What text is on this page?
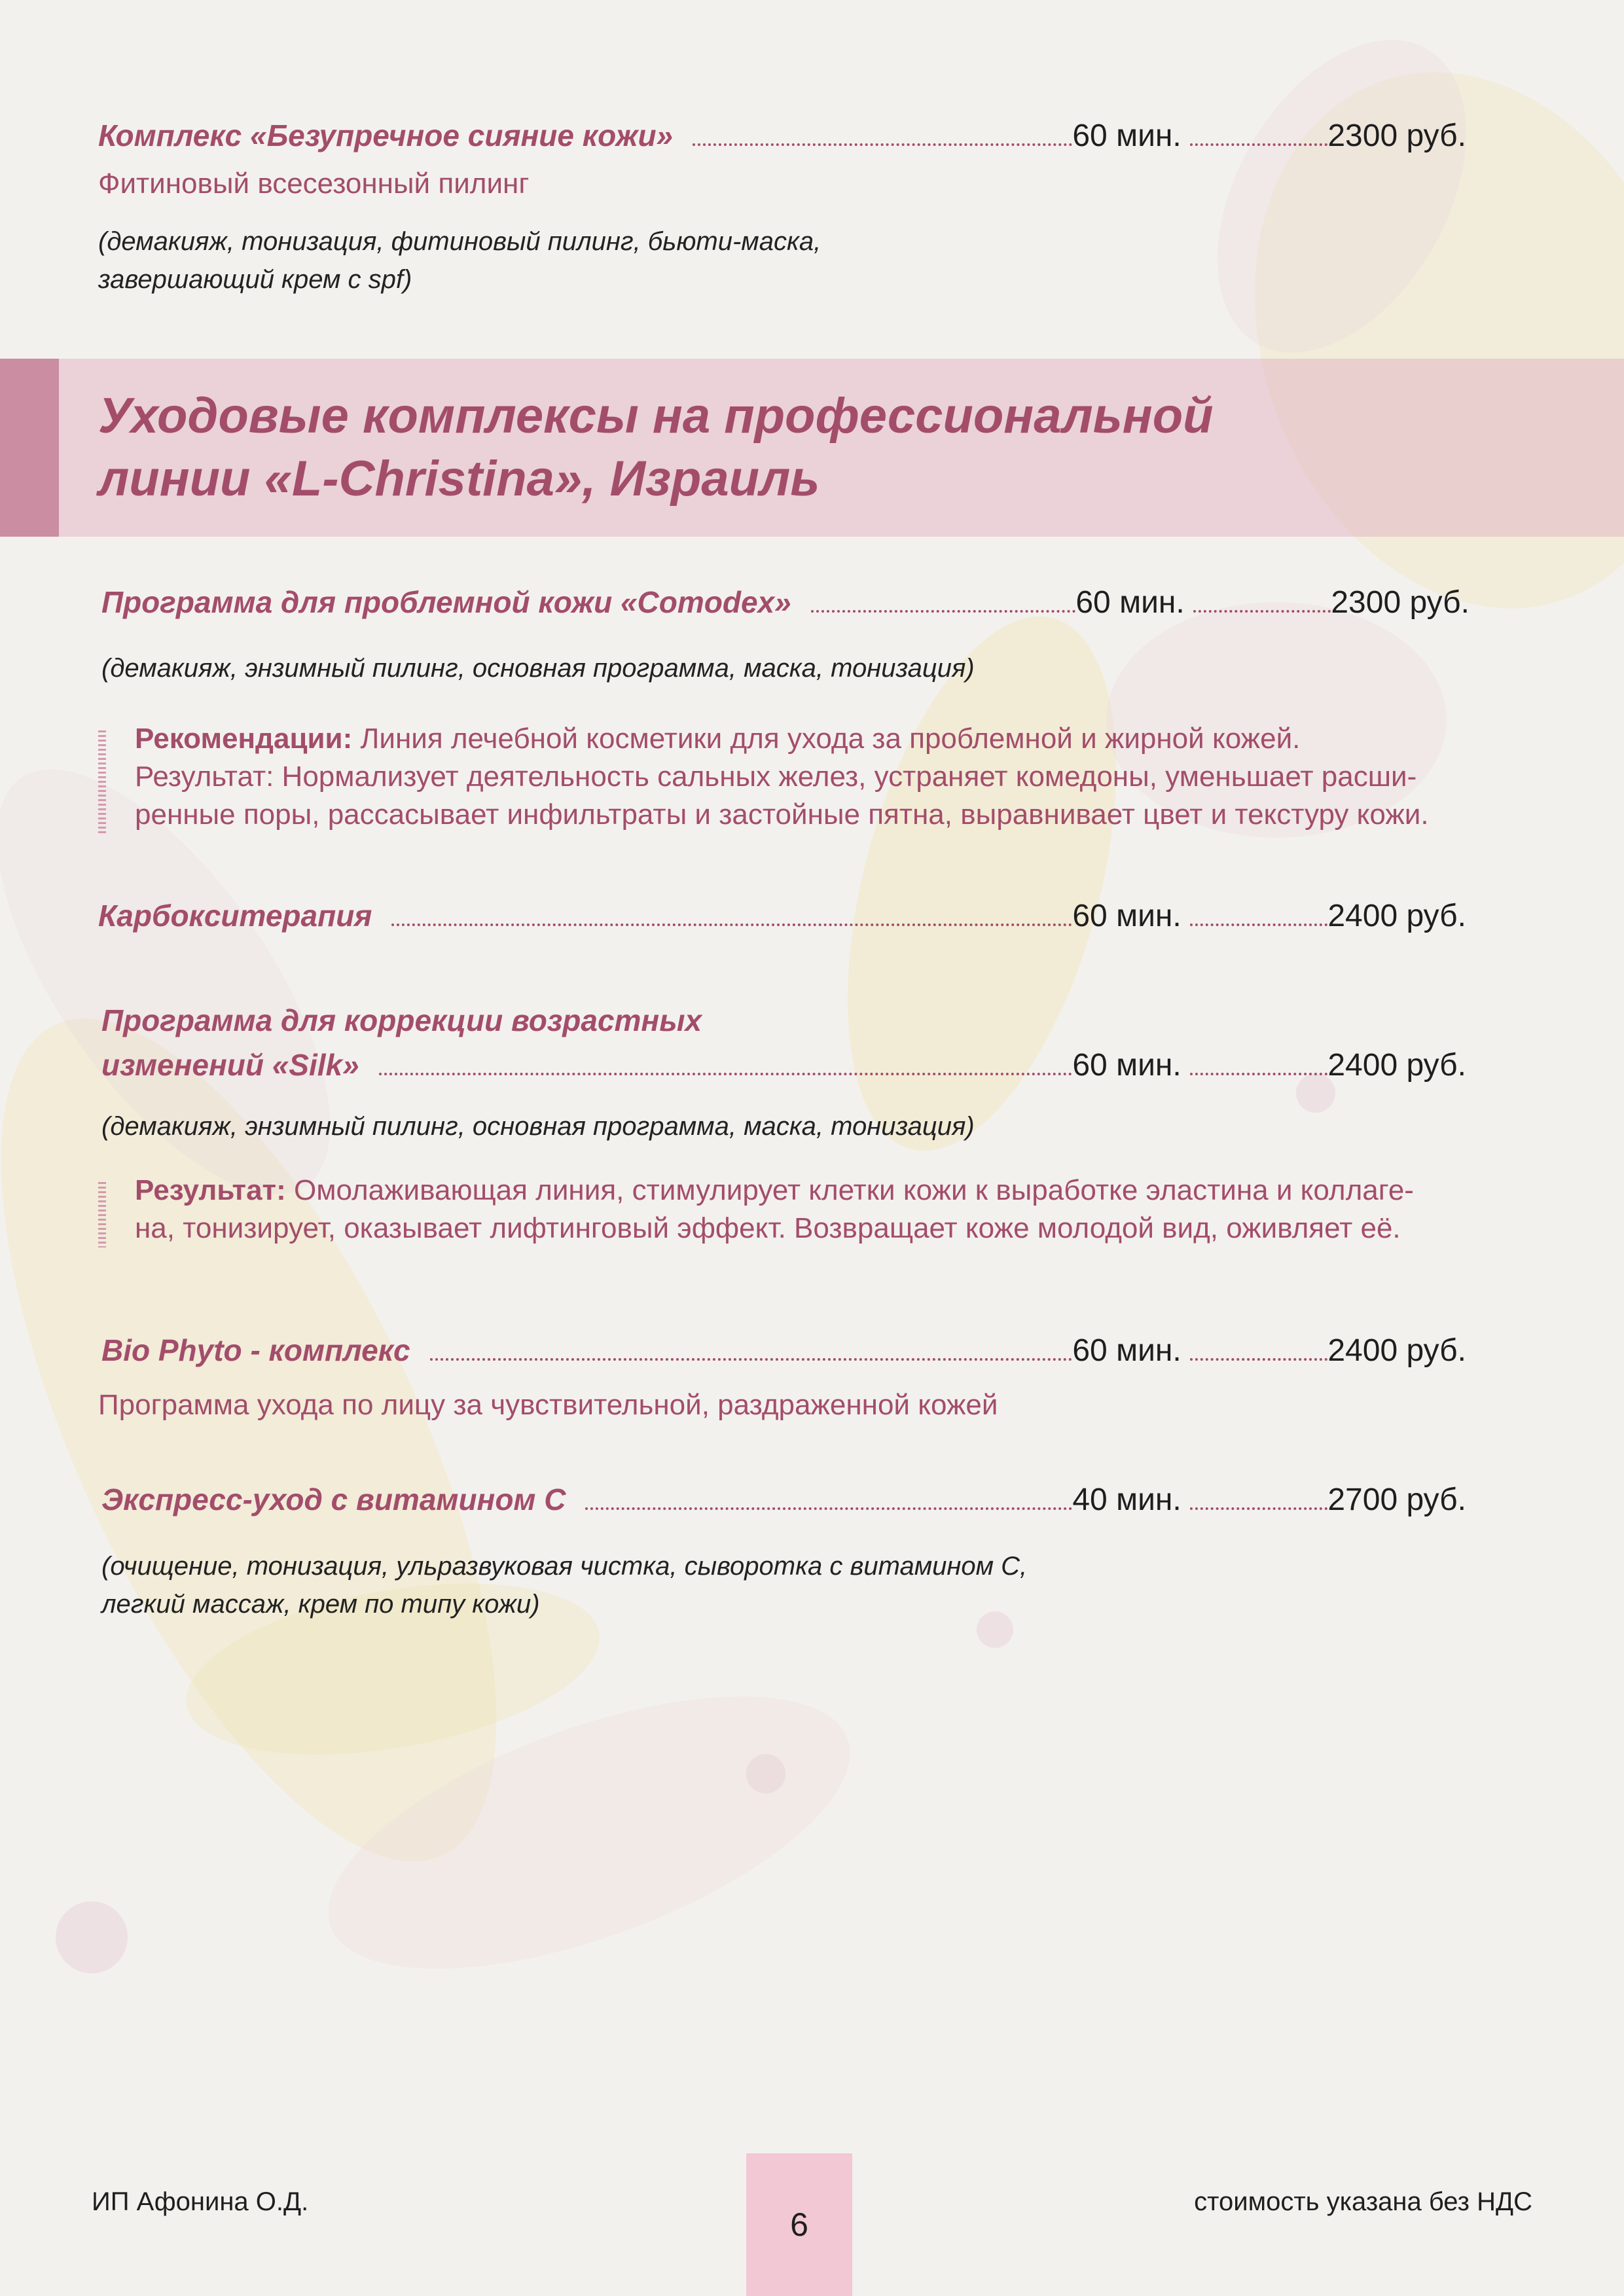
Комплекс «Безупречное сияние кожи»	60 мин.	2300 руб.
Фитиновый всесезонный пилинг
(демакияж, тонизация, фитиновый пилинг, бьюти-маска,
завершающий крем с spf)
Уходовые комплексы на профессиональной
линии «L-Christina», Израиль
Программа для проблемной кожи «Comodex»	60 мин.	2300 руб.
(демакияж, энзимный пилинг, основная программа, маска, тонизация)
Рекомендации: Линия лечебной косметики для ухода за проблемной и жирной кожей.
Результат: Нормализует деятельность сальных желез, устраняет комедоны, уменьшает расши-
ренные поры, рассасывает инфильтраты и застойные пятна, выравнивает цвет и текстуру кожи.
Карбокситерапия	60 мин.	2400 руб.
Программа для коррекции возрастных
изменений «Silk»	60 мин.	2400 руб.
(демакияж, энзимный пилинг, основная программа, маска, тонизация)
Результат: Омолаживающая линия, стимулирует клетки кожи к выработке эластина и коллаге-
на, тонизирует, оказывает лифтинговый эффект. Возвращает коже молодой вид, оживляет её.
Bio Phyto - комплекс	60 мин.	2400 руб.
Программа ухода по лицу за чувствительной, раздраженной кожей
Экспресс-уход с витамином С	40 мин.	2700 руб.
(очищение, тонизация, ульразвуковая чистка, сыворотка с витамином С,
легкий массаж, крем по типу кожи)
ИП Афонина О.Д.
6
стоимость указана без НДС
